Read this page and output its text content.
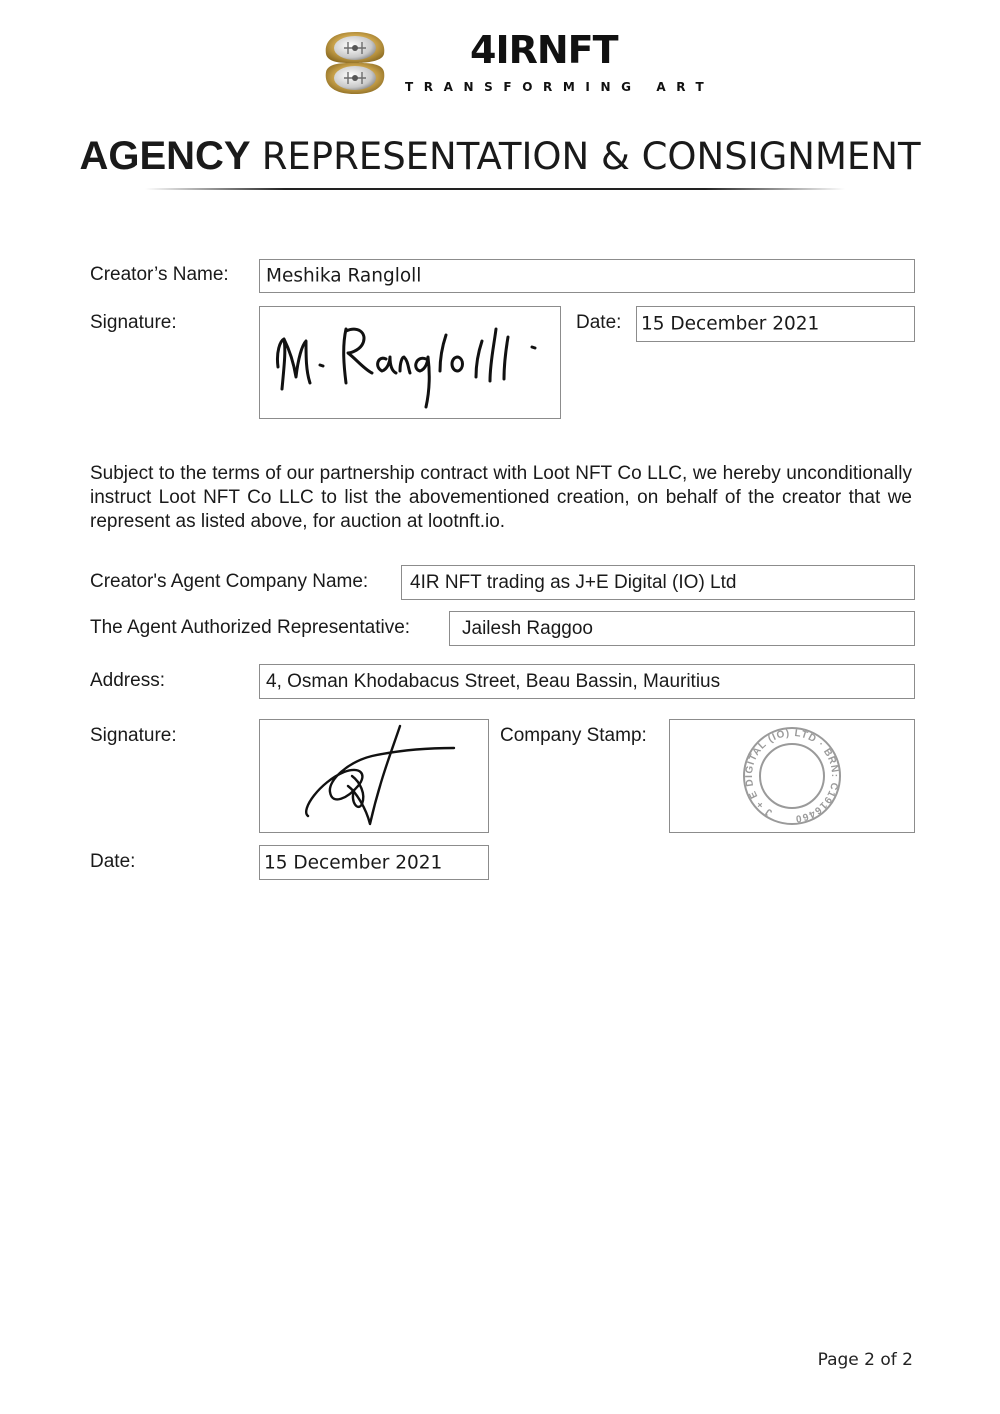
4IRNFT
TRANSFORMING ART
AGENCY REPRESENTATION & CONSIGNMENT
Creator’s Name: Meshika Rangloll
Signature:	Date: 15 December 2021
Subject to the terms of our partnership contract with Loot NFT Co LLC, we hereby unconditionally instruct Loot NFT Co LLC to list the abovementioned creation, on behalf of the creator that we represent as listed above, for auction at lootnft.io.
Creator's Agent Company Name: 4IR NFT trading as J+E Digital (IO) Ltd
The Agent Authorized Representative:	Jailesh Raggoo
Address:	4, Osman Khodabacus Street, Beau Bassin, Mauritius
Signature:	Company Stamp:
J + E DIGITAL (IO) LTD · BRN: C1916460
Date:	15 December 2021
Page 2 of 2
